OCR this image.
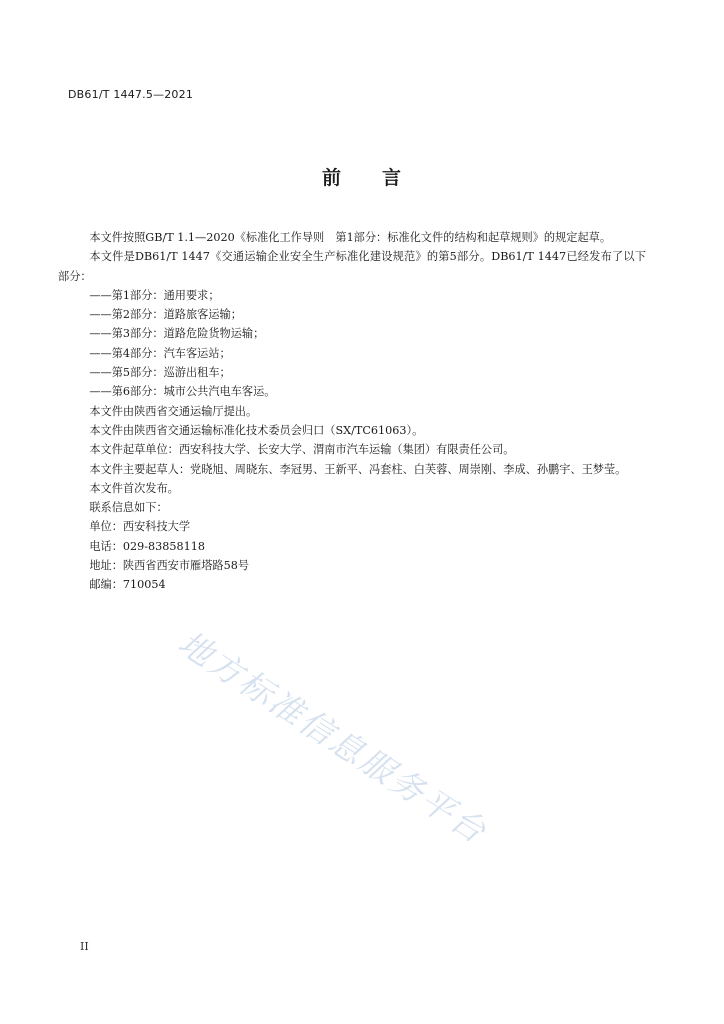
DB61/T 1447.5—2021
前 言

本文件按照GB/T 1.1—2020《标准化工作导则　第1部分：标准化文件的结构和起草规则》的规定起草。

本文件是DB61/T 1447《交通运输企业安全生产标准化建设规范》的第5部分。DB61/T 1447已经发布了以下部分：

——第1部分：通用要求；

——第2部分：道路旅客运输；

——第3部分：道路危险货物运输；

——第4部分：汽车客运站；

——第5部分：巡游出租车；

——第6部分：城市公共汽电车客运。

本文件由陕西省交通运输厅提出。

本文件由陕西省交通运输标准化技术委员会归口（SX/TC61063）。

本文件起草单位：西安科技大学、长安大学、渭南市汽车运输（集团）有限责任公司。

本文件主要起草人：党晓旭、周晓东、李冠男、王新平、冯套柱、白芙蓉、周崇刚、李成、孙鹏宇、王梦莹。

本文件首次发布。

联系信息如下：

单位：西安科技大学

电话：029-83858118

地址：陕西省西安市雁塔路58号

邮编：710054

地方标准信息服务平台
II
